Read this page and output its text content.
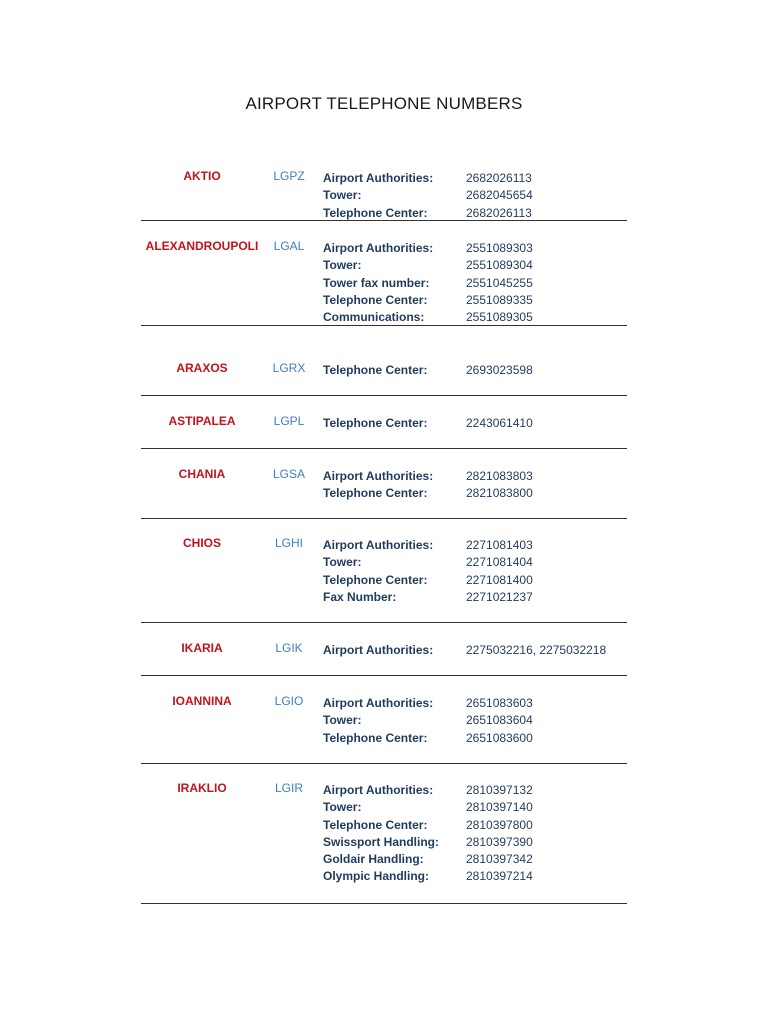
AIRPORT TELEPHONE NUMBERS
AKTIO	LGPZ	Airport Authorities:	2682026113
Tower:	2682045654
Telephone Center:	2682026113
ALEXANDROUPOLI	LGAL	Airport Authorities:	2551089303
Tower:	2551089304
Tower fax number:	2551045255
Telephone Center:	2551089335
Communications:	2551089305
ARAXOS	LGRX	Telephone Center:	2693023598
ASTIPALEA	LGPL	Telephone Center:	2243061410
CHANIA	LGSA	Airport Authorities:	2821083803
Telephone Center:	2821083800
CHIOS	LGHI	Airport Authorities:	2271081403
Tower:	2271081404
Telephone Center:	2271081400
Fax Number:	2271021237
IKARIA	LGIK	Airport Authorities:	2275032216, 2275032218
IOANNINA	LGIO	Airport Authorities:	2651083603
Tower:	2651083604
Telephone Center:	2651083600
IRAKLIO	LGIR	Airport Authorities:	2810397132
Tower:	2810397140
Telephone Center:	2810397800
Swissport Handling: 2810397390
Goldair Handling:	2810397342
Olympic Handling:	2810397214
